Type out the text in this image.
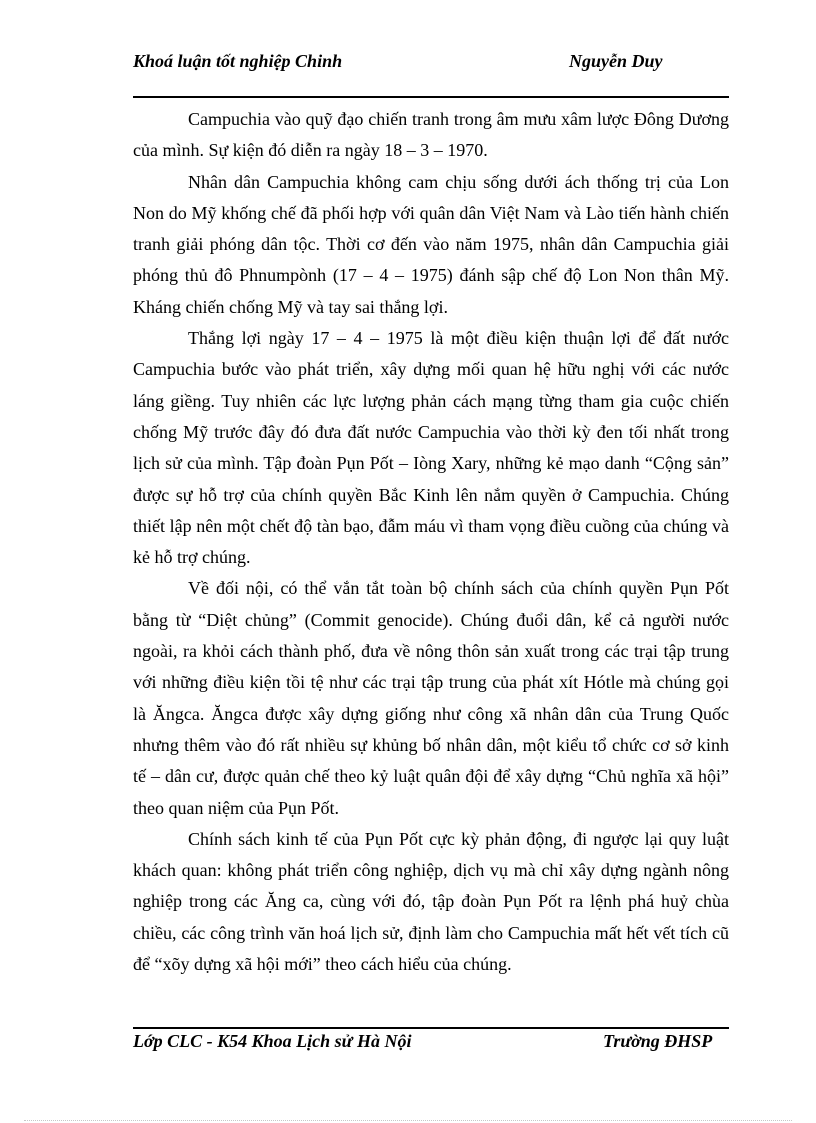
Khoá luận tốt nghiệp Chinh	Nguyễn Duy

Campuchia vào quỹ đạo chiến tranh trong âm mưu xâm lược Đông Dương của mình. Sự kiện đó diễn ra ngày 18 – 3 – 1970.

Nhân dân Campuchia không cam chịu sống dưới ách thống trị của Lon Non do Mỹ khống chế đã phối hợp với quân dân Việt Nam và Lào tiến hành chiến tranh giải phóng dân tộc. Thời cơ đến vào năm 1975, nhân dân Campuchia giải phóng thủ đô Phnumpònh (17 – 4 – 1975) đánh sập chế độ Lon Non thân Mỹ. Kháng chiến chống Mỹ và tay sai thắng lợi.

Thắng lợi ngày 17 – 4 – 1975 là một điều kiện thuận lợi để đất nước Campuchia bước vào phát triển, xây dựng mối quan hệ hữu nghị với các nước láng giềng. Tuy nhiên các lực lượng phản cách mạng từng tham gia cuộc chiến chống Mỹ trước đây đó đưa đất nước Campuchia vào thời kỳ đen tối nhất trong lịch sử của mình. Tập đoàn Pụn Pốt – Iòng Xary, những kẻ mạo danh “Cộng sản” được sự hỗ trợ của chính quyền Bắc Kinh lên nắm quyền ở Campuchia. Chúng thiết lập nên một chết độ tàn bạo, đẫm máu vì tham vọng điều cuồng của chúng và kẻ hỗ trợ chúng.

Về đối nội, có thể vắn tắt toàn bộ chính sách của chính quyền Pụn Pốt bằng từ “Diệt chủng” (Commit genocide). Chúng đuổi dân, kể cả người nước ngoài, ra khỏi cách thành phố, đưa về nông thôn sản xuất trong các trại tập trung với những điều kiện tồi tệ như các trại tập trung của phát xít Hótle mà chúng gọi là Ăngca. Ăngca được xây dựng giống như công xã nhân dân của Trung Quốc nhưng thêm vào đó rất nhiều sự khủng bố nhân dân, một kiểu tổ chức cơ sở kinh tế – dân cư, được quản chế theo kỷ luật quân đội để xây dựng “Chủ nghĩa xã hội” theo quan niệm của Pụn Pốt.

Chính sách kinh tế của Pụn Pốt cực kỳ phản động, đi ngược lại quy luật khách quan: không phát triển công nghiệp, dịch vụ mà chỉ xây dựng ngành nông nghiệp trong các Ăng ca, cùng với đó, tập đoàn Pụn Pốt ra lệnh phá huỷ chùa chiều, các công trình văn hoá lịch sử, định làm cho Campuchia mất hết vết tích cũ để “xõy dựng xã hội mới” theo cách hiểu của chúng.

Lớp CLC - K54 Khoa Lịch sử Hà Nội	Trường ĐHSP
